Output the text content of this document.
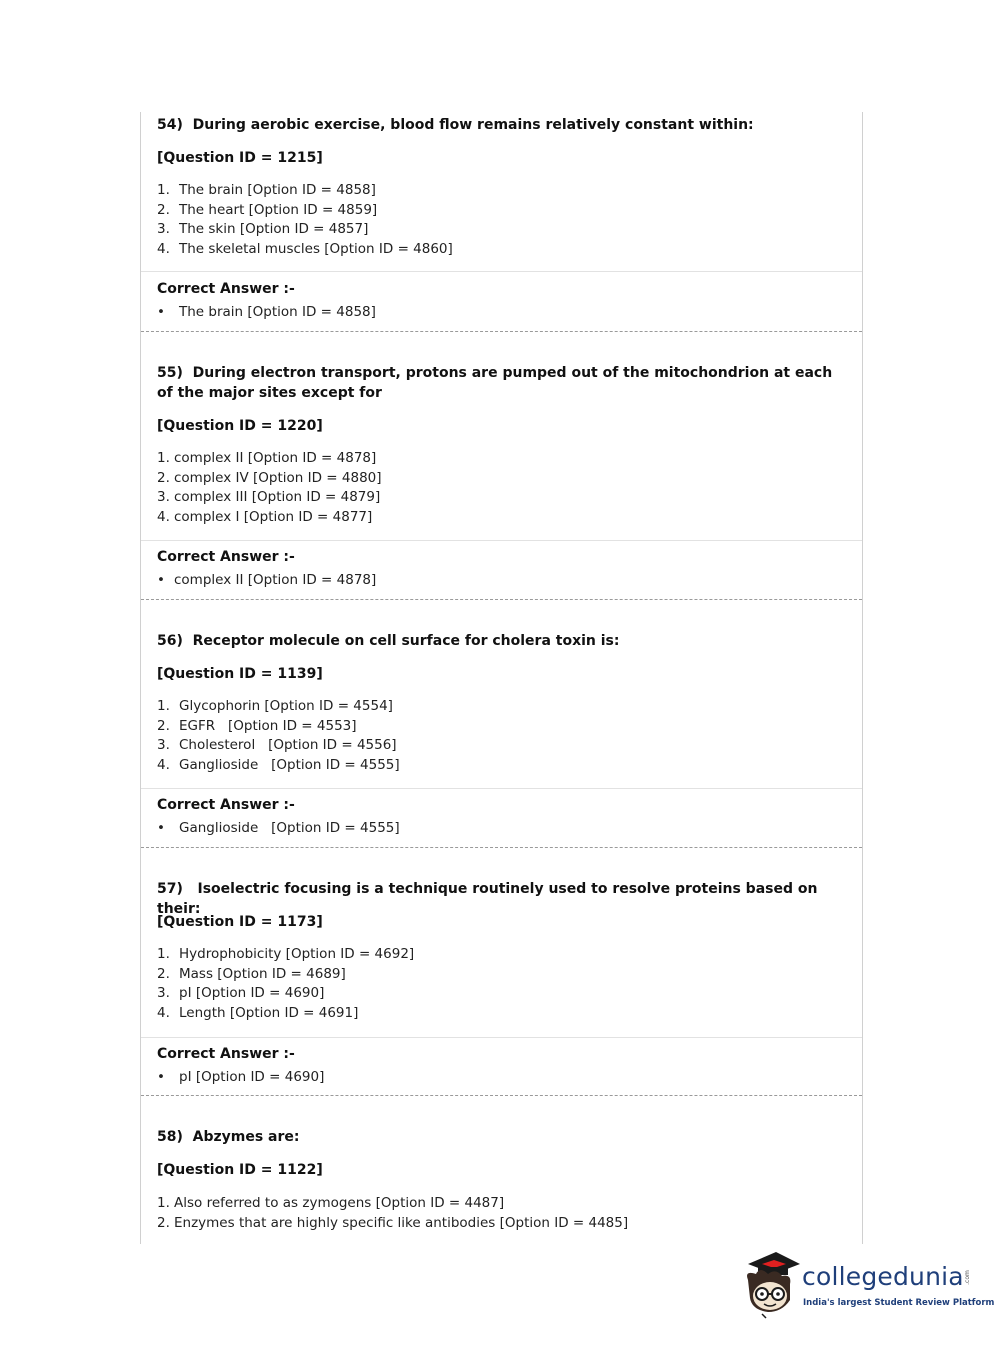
54) During aerobic exercise, blood flow remains relatively constant within:
[Question ID = 1215]
1. The brain [Option ID = 4858]
2. The heart [Option ID = 4859]
3. The skin [Option ID = 4857]
4. The skeletal muscles [Option ID = 4860]
Correct Answer :-
• The brain [Option ID = 4858]
55) During electron transport, protons are pumped out of the mitochondrion at each of the major sites except for
[Question ID = 1220]
1. complex II [Option ID = 4878]
2. complex IV [Option ID = 4880]
3. complex III [Option ID = 4879]
4. complex I [Option ID = 4877]
Correct Answer :-
• complex II [Option ID = 4878]
56) Receptor molecule on cell surface for cholera toxin is:
[Question ID = 1139]
1. Glycophorin [Option ID = 4554]
2. EGFR   [Option ID = 4553]
3. Cholesterol   [Option ID = 4556]
4. Ganglioside   [Option ID = 4555]
Correct Answer :-
• Ganglioside   [Option ID = 4555]
57) Isoelectric focusing is a technique routinely used to resolve proteins based on their:
[Question ID = 1173]
1. Hydrophobicity [Option ID = 4692]
2. Mass [Option ID = 4689]
3. pI [Option ID = 4690]
4. Length [Option ID = 4691]
Correct Answer :-
• pI [Option ID = 4690]
58) Abzymes are:
[Question ID = 1122]
1. Also referred to as zymogens [Option ID = 4487]
2. Enzymes that are highly specific like antibodies [Option ID = 4485]
collegedunia .com
India's largest Student Review Platform
